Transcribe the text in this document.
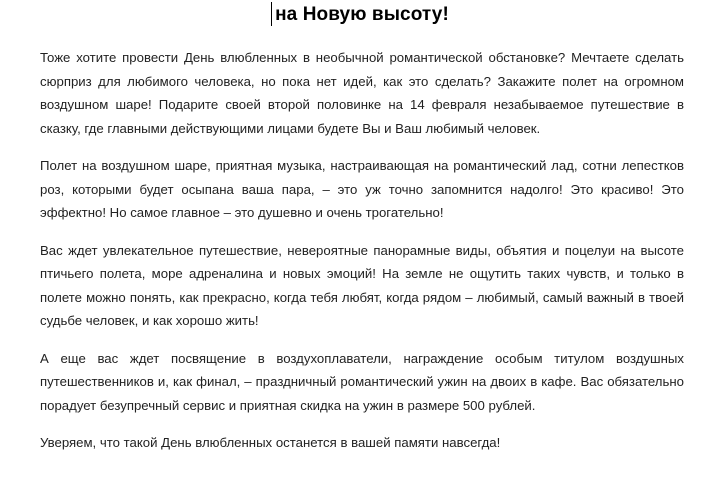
на Новую высоту!

Тоже хотите провести День влюбленных в необычной романтической обстановке? Мечтаете сделать сюрприз для любимого человека, но пока нет идей, как это сделать? Закажите полет на огромном воздушном шаре! Подарите своей второй половинке на 14 февраля незабываемое путешествие в сказку, где главными действующими лицами будете Вы и Ваш любимый человек.

Полет на воздушном шаре, приятная музыка, настраивающая на романтический лад, сотни лепестков роз, которыми будет осыпана ваша пара, – это уж точно запомнится надолго! Это красиво! Это эффектно! Но самое главное – это душевно и очень трогательно!

Вас ждет увлекательное путешествие, невероятные панорамные виды, объятия и поцелуи на высоте птичьего полета, море адреналина и новых эмоций! На земле не ощутить таких чувств, и только в полете можно понять, как прекрасно, когда тебя любят, когда рядом – любимый, самый важный в твоей судьбе человек, и как хорошо жить!

А еще вас ждет посвящение в воздухоплаватели, награждение особым титулом воздушных путешественников и, как финал, – праздничный романтический ужин на двоих в кафе. Вас обязательно порадует безупречный сервис и приятная скидка на ужин в размере 500 рублей.

Уверяем, что такой День влюбленных останется в вашей памяти навсегда!
